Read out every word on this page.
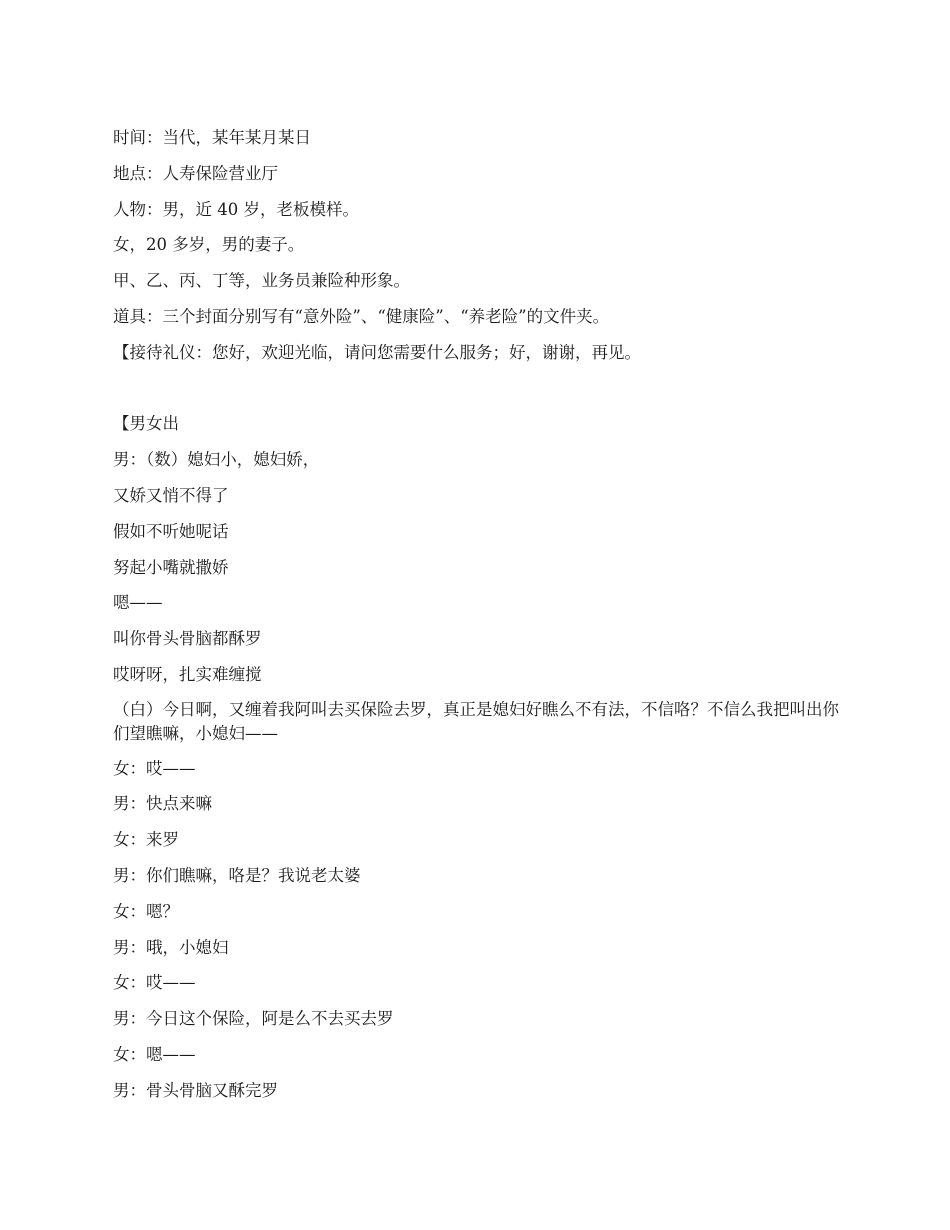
时间：当代，某年某月某日
地点：人寿保险营业厅
人物：男，近 40 岁，老板模样。
女，20 多岁，男的妻子。
甲、乙、丙、丁等，业务员兼险种形象。
道具：三个封面分别写有“意外险”、“健康险”、“养老险”的文件夹。
【接待礼仪：您好，欢迎光临，请问您需要什么服务；好，谢谢，再见。
【男女出
男：（数）媳妇小，媳妇娇，
又娇又悄不得了
假如不听她呢话
努起小嘴就撒娇
嗯——
叫你骨头骨脑都酥罗
哎呀呀，扎实难缠搅
（白）今日啊，又缠着我阿叫去买保险去罗，真正是媳妇好瞧么不有法，不信咯？不信么我把叫出你们望瞧嘛，小媳妇——
女：哎——
男：快点来嘛
女：来罗
男：你们瞧嘛，咯是？我说老太婆
女：嗯？
男：哦，小媳妇
女：哎——
男：今日这个保险，阿是么不去买去罗
女：嗯——
男：骨头骨脑又酥完罗
